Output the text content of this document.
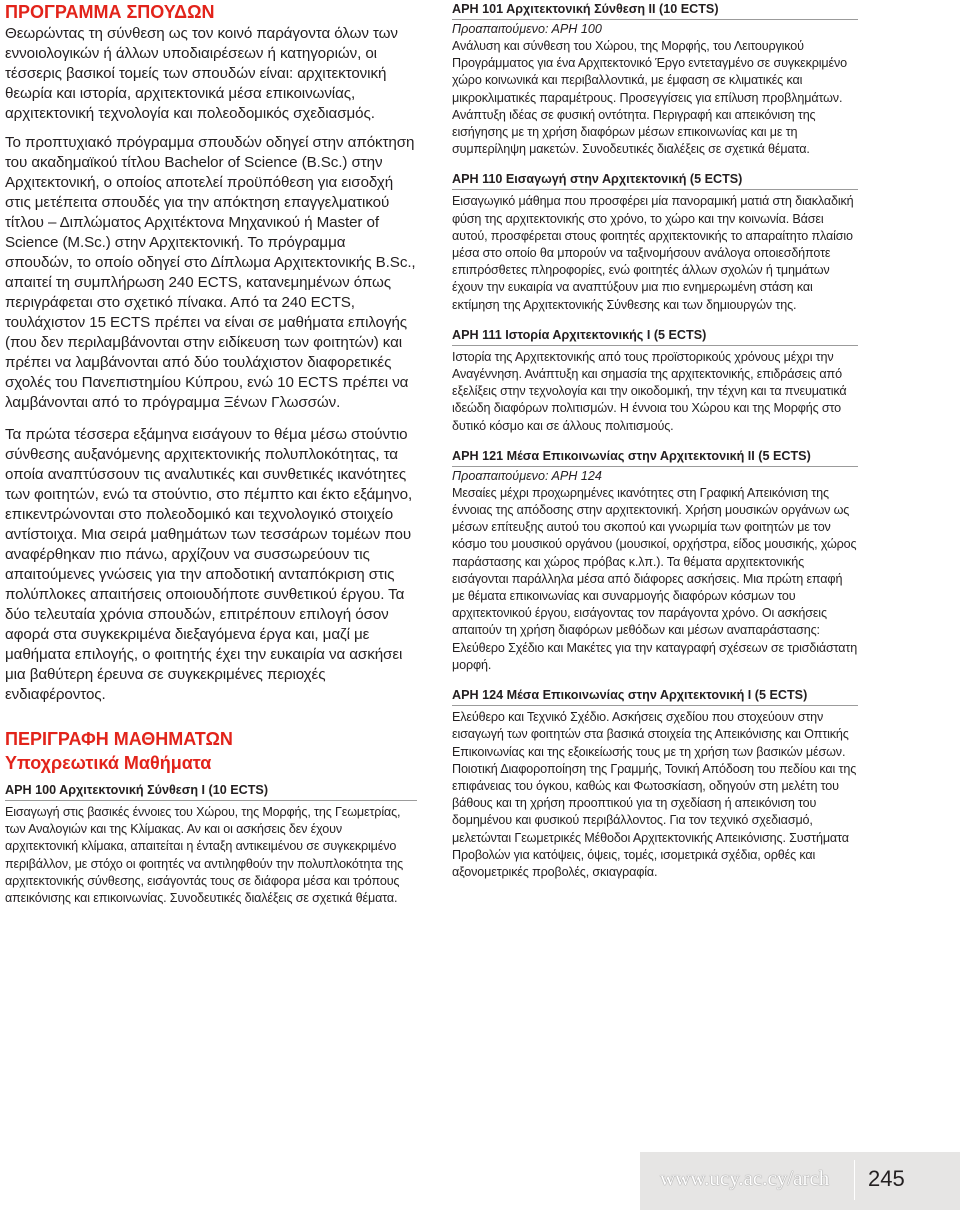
ΠΡΟΓΡΑΜΜΑ ΣΠΟΥΔΩΝ

Θεωρώντας τη σύνθεση ως τον κοινό παράγοντα όλων των εννοιολογικών ή άλλων υποδιαιρέσεων ή κατηγοριών, οι τέσσερις βασικοί τομείς των σπουδών είναι: αρχιτεκτονική θεωρία και ιστορία, αρχιτεκτονικά μέσα επικοινωνίας, αρχιτεκτονική τεχνολογία και πολεοδομικός σχεδιασμός.

Το προπτυχιακό πρόγραμμα σπουδών οδηγεί στην απόκτηση του ακαδημαϊκού τίτλου Bachelor of Science (B.Sc.) στην Αρχιτεκτονική, ο οποίος αποτελεί προϋπόθεση για εισοδχή στις μετέπειτα σπουδές για την απόκτηση επαγγελματικού τίτλου – Διπλώματος Αρχιτέκτονα Μηχανικού ή Master of Science (M.Sc.) στην Αρχιτεκτονική. Το πρόγραμμα σπουδών, το οποίο οδηγεί στο Δίπλωμα Αρχιτεκτονικής B.Sc., απαιτεί τη συμπλήρωση 240 ECTS, κατανεμημένων όπως περιγράφεται στο σχετικό πίνακα. Από τα 240 ECTS, τουλάχιστον 15 ECTS πρέπει να είναι σε μαθήματα επιλογής (που δεν περιλαμβάνονται στην ειδίκευση των φοιτητών) και πρέπει να λαμβάνονται από δύο τουλάχιστον διαφορετικές σχολές του Πανεπιστημίου Κύπρου, ενώ 10 ECTS πρέπει να λαμβάνονται από το πρόγραμμα Ξένων Γλωσσών.

Τα πρώτα τέσσερα εξάμηνα εισάγουν το θέμα μέσω στούντιο σύνθεσης αυξανόμενης αρχιτεκτονικής πολυπλοκότητας, τα οποία αναπτύσσουν τις αναλυτικές και συνθετικές ικανότητες των φοιτητών, ενώ τα στούντιο, στο πέμπτο και έκτο εξάμηνο, επικεντρώνονται στο πολεοδομικό και τεχνολογικό στοιχείο αντίστοιχα. Μια σειρά μαθημάτων των τεσσάρων τομέων που αναφέρθηκαν πιο πάνω, αρχίζουν να συσσωρεύουν τις απαιτούμενες γνώσεις για την αποδοτική ανταπόκριση στις πολύπλοκες απαιτήσεις οποιουδήποτε συνθετικού έργου. Τα δύο τελευταία χρόνια σπουδών, επιτρέπουν επιλογή όσον αφορά στα συγκεκριμένα διεξαγόμενα έργα και, μαζί με μαθήματα επιλογής, ο φοιτητής έχει την ευκαιρία να ασκήσει μια βαθύτερη έρευνα σε συγκεκριμένες περιοχές ενδιαφέροντος.

ΠΕΡΙΓΡΑΦΗ ΜΑΘΗΜΑΤΩΝ
Υποχρεωτικά Μαθήματα
ΑΡΗ 100 Αρχιτεκτονική Σύνθεση Ι (10 ECTS)
Εισαγωγή στις βασικές έννοιες του Χώρου, της Μορφής, της Γεωμετρίας, των Αναλογιών και της Κλίμακας. Αν και οι ασκήσεις δεν έχουν αρχιτεκτονική κλίμακα, απαιτείται η ένταξη αντικειμένου σε συγκεκριμένο περιβάλλον, με στόχο οι φοιτητές να αντιληφθούν την πολυπλοκότητα της αρχιτεκτονικής σύνθεσης, εισάγοντάς τους σε διάφορα μέσα και τρόπους απεικόνισης και επικοινωνίας. Συνοδευτικές διαλέξεις σε σχετικά θέματα.
ΑΡΗ 101 Αρχιτεκτονική Σύνθεση ΙΙ (10 ECTS)
Προαπαιτούμενο: ΑΡΗ 100
Ανάλυση και σύνθεση του Χώρου, της Μορφής, του Λειτουργικού Προγράμματος για ένα Αρχιτεκτονικό Έργο εντεταγμένο σε συγκεκριμένο χώρο κοινωνικά και περιβαλλοντικά, με έμφαση σε κλιματικές και μικροκλιματικές παραμέτρους. Προσεγγίσεις για επίλυση προβλημάτων. Ανάπτυξη ιδέας σε φυσική οντότητα. Περιγραφή και απεικόνιση της εισήγησης με τη χρήση διαφόρων μέσων επικοινωνίας και με τη συμπερίληψη μακετών. Συνοδευτικές διαλέξεις σε σχετικά θέματα.
ΑΡΗ 110 Εισαγωγή στην Αρχιτεκτονική (5 ECTS)
Εισαγωγικό μάθημα που προσφέρει μία πανοραμική ματιά στη διακλαδική φύση της αρχιτεκτονικής στο χρόνο, το χώρο και την κοινωνία. Βάσει αυτού, προσφέρεται στους φοιτητές αρχιτεκτονικής το απαραίτητο πλαίσιο μέσα στο οποίο θα μπορούν να ταξινομήσουν ανάλογα οποιεσδήποτε επιπρόσθετες πληροφορίες, ενώ φοιτητές άλλων σχολών ή τμημάτων έχουν την ευκαιρία να αναπτύξουν μια πιο ενημερωμένη στάση και εκτίμηση της Αρχιτεκτονικής Σύνθεσης και των δημιουργών της.
ΑΡΗ 111 Ιστορία Αρχιτεκτονικής Ι (5 ECTS)
Ιστορία της Αρχιτεκτονικής από τους προϊστορικούς χρόνους μέχρι την Αναγέννηση. Ανάπτυξη και σημασία της αρχιτεκτονικής, επιδράσεις από εξελίξεις στην τεχνολογία και την οικοδομική, την τέχνη και τα πνευματικά ιδεώδη διαφόρων πολιτισμών. Η έννοια του Χώρου και της Μορφής στο δυτικό κόσμο και σε άλλους πολιτισμούς.
ΑΡΗ 121 Μέσα Επικοινωνίας στην Αρχιτεκτονική ΙΙ (5 ECTS)
Προαπαιτούμενο: ΑΡΗ 124
Μεσαίες μέχρι προχωρημένες ικανότητες στη Γραφική Απεικόνιση της έννοιας της απόδοσης στην αρχιτεκτονική. Χρήση μουσικών οργάνων ως μέσων επίτευξης αυτού του σκοπού και γνωριμία των φοιτητών με τον κόσμο του μουσικού οργάνου (μουσικοί, ορχήστρα, είδος μουσικής, χώρος παράστασης και χώρος πρόβας κ.λπ.). Τα θέματα αρχιτεκτονικής εισάγονται παράλληλα μέσα από διάφορες ασκήσεις. Μια πρώτη επαφή με θέματα επικοινωνίας και συναρμογής διαφόρων κόσμων του αρχιτεκτονικού έργου, εισάγοντας τον παράγοντα χρόνο. Οι ασκήσεις απαιτούν τη χρήση διαφόρων μεθόδων και μέσων αναπαράστασης: Ελεύθερο Σχέδιο και Μακέτες για την καταγραφή σχέσεων σε τρισδιάστατη μορφή.
ΑΡΗ 124 Μέσα Επικοινωνίας στην Αρχιτεκτονική Ι (5 ECTS)
Ελεύθερο και Τεχνικό Σχέδιο. Ασκήσεις σχεδίου που στοχεύουν στην εισαγωγή των φοιτητών στα βασικά στοιχεία της Απεικόνισης και Οπτικής Επικοινωνίας και της εξοικείωσής τους με τη χρήση των βασικών μέσων. Ποιοτική Διαφοροποίηση της Γραμμής, Τονική Απόδοση του πεδίου και της επιφάνειας του όγκου, καθώς και Φωτοσκίαση, οδηγούν στη μελέτη του βάθους και τη χρήση προοπτικού για τη σχεδίαση ή απεικόνιση του δομημένου και φυσικού περιβάλλοντος. Για τον τεχνικό σχεδιασμό, μελετώνται Γεωμετρικές Μέθοδοι Αρχιτεκτονικής Απεικόνισης. Συστήματα Προβολών για κατόψεις, όψεις, τομές, ισομετρικά σχέδια, ορθές και αξονομετρικές προβολές, σκιαγραφία.
www.ucy.ac.cy/arch 245
